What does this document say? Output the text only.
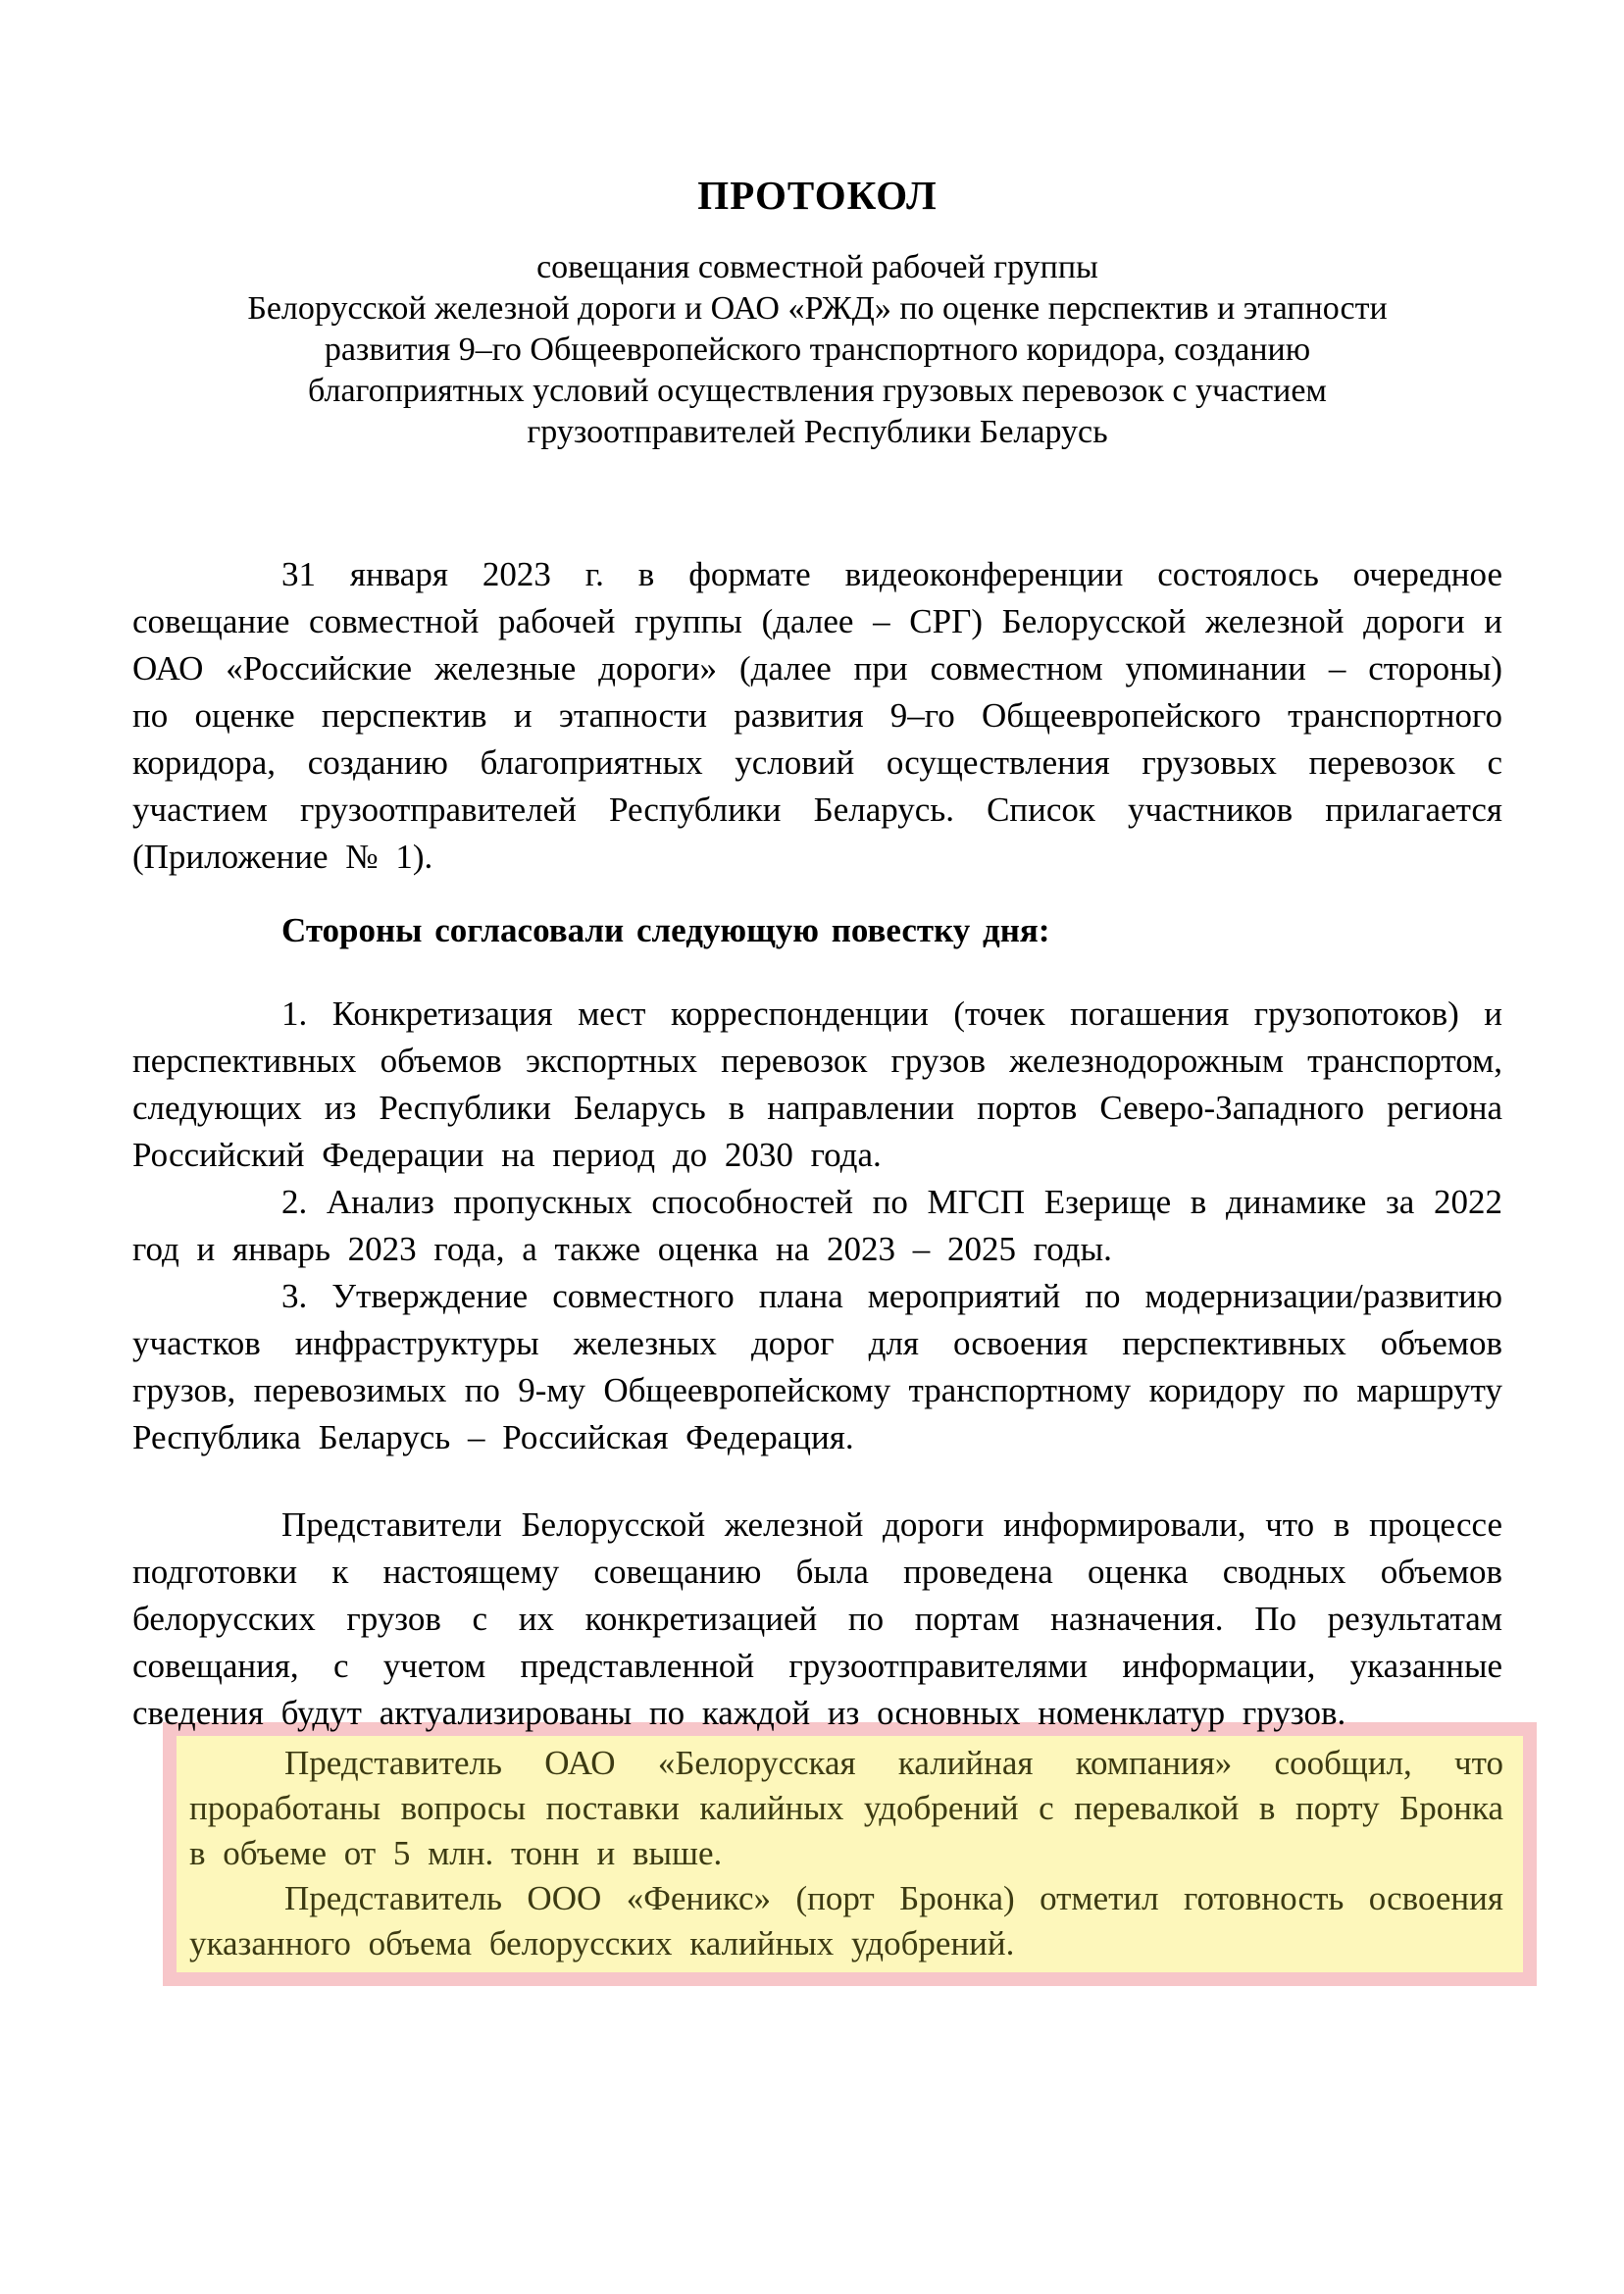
ПРОТОКОЛ
совещания совместной рабочей группы
Белорусской железной дороги и ОАО «РЖД» по оценке перспектив и этапности
развития 9–го Общеевропейского транспортного коридора, созданию
благоприятных условий осуществления грузовых перевозок с участием
грузоотправителей Республики Беларусь

31 января 2023 г. в формате видеоконференции состоялось очередное совещание совместной рабочей группы (далее – СРГ) Белорусской железной дороги и ОАО «Российские железные дороги» (далее при совместном упоминании – стороны) по оценке перспектив и этапности развития 9–го Общеевропейского транспортного коридора, созданию благоприятных условий осуществления грузовых перевозок с участием грузоотправителей Республики Беларусь. Список участников прилагается (Приложение № 1).

Стороны согласовали следующую повестку дня:

1. Конкретизация мест корреспонденции (точек погашения грузопотоков) и перспективных объемов экспортных перевозок грузов железнодорожным транспортом, следующих из Республики Беларусь в направлении портов Северо-Западного региона Российский Федерации на период до 2030 года.

2. Анализ пропускных способностей по МГСП Езерище в динамике за 2022 год и январь 2023 года, а также оценка на 2023 – 2025 годы.

3. Утверждение совместного плана мероприятий по модернизации/развитию участков инфраструктуры железных дорог для освоения перспективных объемов грузов, перевозимых по 9-му Общеевропейскому транспортному коридору по маршруту Республика Беларусь – Российская Федерация.

Представители Белорусской железной дороги информировали, что в процессе подготовки к настоящему совещанию была проведена оценка сводных объемов белорусских грузов с их конкретизацией по портам назначения. По результатам совещания, с учетом представленной грузоотправителями информации, указанные сведения будут актуализированы по каждой из основных номенклатур грузов.

Представитель ОАО «Белорусская калийная компания» сообщил, что проработаны вопросы поставки калийных удобрений с перевалкой в порту Бронка в объеме от 5 млн. тонн и выше.

Представитель ООО «Феникс» (порт Бронка) отметил готовность освоения указанного объема белорусских калийных удобрений.
